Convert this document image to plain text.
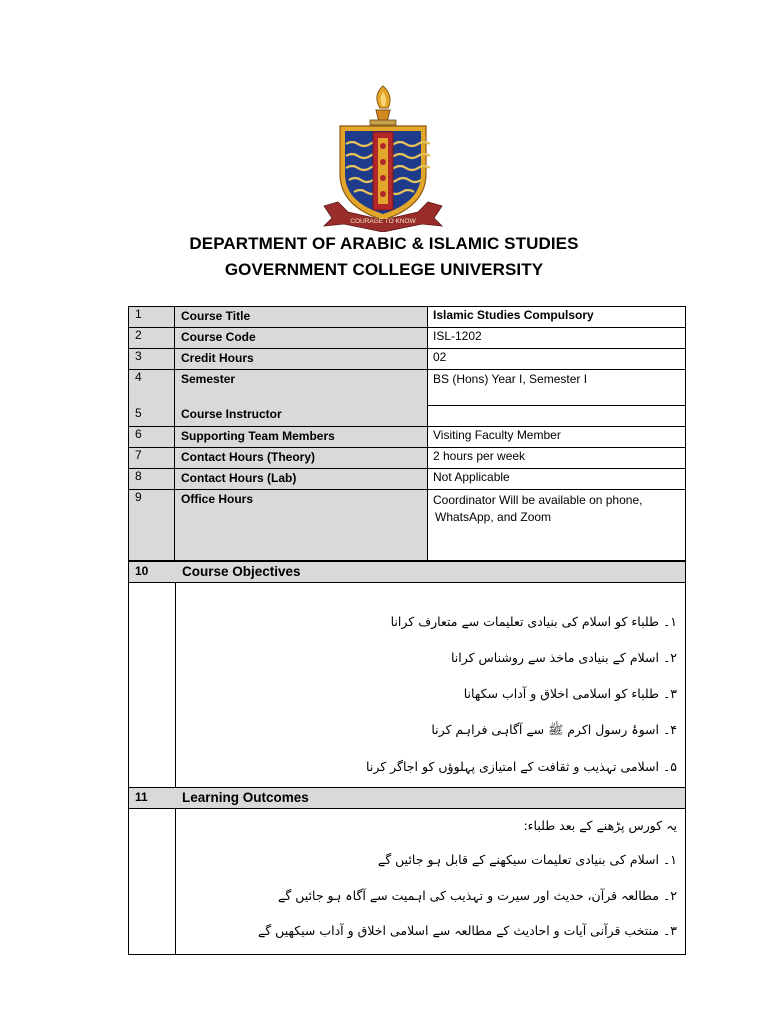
COURAGE TO KNOW
DEPARTMENT OF ARABIC & ISLAMIC STUDIES
GOVERNMENT COLLEGE UNIVERSITY
1	Course Title	Islamic Studies Compulsory
2	Course Code	ISL-1202
3	Credit Hours	02
4	Semester	BS (Hons) Year I, Semester I
5	Course Instructor	
6	Supporting Team Members	Visiting Faculty Member
7	Contact Hours (Theory)	2 hours per week
8	Contact Hours (Lab)	Not Applicable
9	Office Hours	Coordinator Will be available on phone,
WhatsApp, and Zoom
10 Course Objectives
۱۔ طلباء کو اسلام کی بنیادی تعلیمات سے متعارف کرانا
۲۔ اسلام کے بنیادی ماخذ سے روشناس کرانا
۳۔ طلباء کو اسلامی اخلاق و آداب سکھانا
۴۔ اسوۂ رسول اکرم ﷺ سے آگاہی فراہم کرنا
۵۔ اسلامی تہذیب و ثقافت کے امتیازی پہلوؤں کو اجاگر کرنا
11	Learning Outcomes
یہ کورس پڑھنے کے بعد طلباء:
۱۔ اسلام کی بنیادی تعلیمات سیکھنے کے قابل ہو جائیں گے
۲۔ مطالعہ قرآن، حدیث اور سیرت و تہذیب کی اہمیت سے آگاہ ہو جائیں گے
۳۔ منتخب قرآنی آیات و احادیث کے مطالعہ سے اسلامی اخلاق و آداب سیکھیں گے
